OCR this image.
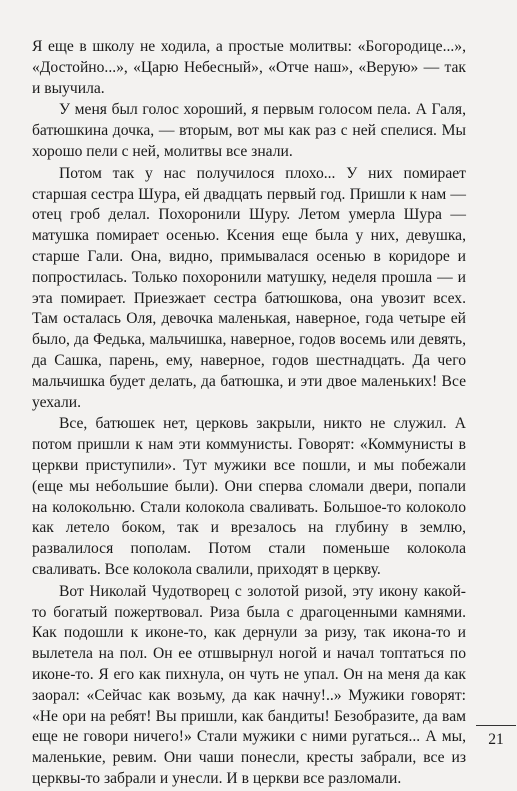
Я еще в школу не ходила, а простые молитвы: «Богородице...», «Достойно...», «Царю Небесный», «Отче наш», «Верую» — так и выучила.

У меня был голос хороший, я первым голосом пела. А Галя, батюшкина дочка, — вторым, вот мы как раз с ней спелися. Мы хорошо пели с ней, молитвы все знали.

Потом так у нас получилося плохо... У них помирает старшая сестра Шура, ей двадцать первый год. Пришли к нам — отец гроб делал. Похоронили Шуру. Летом умерла Шура — матушка помирает осенью. Ксения еще была у них, девушка, старше Гали. Она, видно, примывалася осенью в коридоре и попростилась. Только похоронили матушку, неделя прошла — и эта помирает. Приезжает сестра батюшкова, она увозит всех. Там осталась Оля, девочка маленькая, наверное, года четыре ей было, да Федька, мальчишка, наверное, годов восемь или девять, да Сашка, парень, ему, наверное, годов шестнадцать. Да чего мальчишка будет делать, да батюшка, и эти двое маленьких! Все уехали.

Все, батюшек нет, церковь закрыли, никто не служил. А потом пришли к нам эти коммунисты. Говорят: «Коммунисты в церкви приступили». Тут мужики все пошли, и мы побежали (еще мы небольшие были). Они сперва сломали двери, попали на колокольню. Стали колокола сваливать. Большое-то колоколо как летело боком, так и врезалось на глубину в землю, развалилося пополам. Потом стали поменьше колокола сваливать. Все колокола свалили, приходят в церкву.

Вот Николай Чудотворец с золотой ризой, эту икону какой-то богатый пожертвовал. Риза была с драгоценными камнями. Как подошли к иконе-то, как дернули за ризу, так икона-то и вылетела на пол. Он ее отшвырнул ногой и начал топтаться по иконе-то. Я его как пихнула, он чуть не упал. Он на меня да как заорал: «Сейчас как возьму, да как начну!..» Мужики говорят: «Не ори на ребят! Вы пришли, как бандиты! Безобразите, да вам еще не говори ничего!» Стали мужики с ними ругаться... А мы, маленькие, ревим. Они чаши понесли, кресты забрали, все из церквы-то забрали и унесли. И в церкви все разломали.

21
